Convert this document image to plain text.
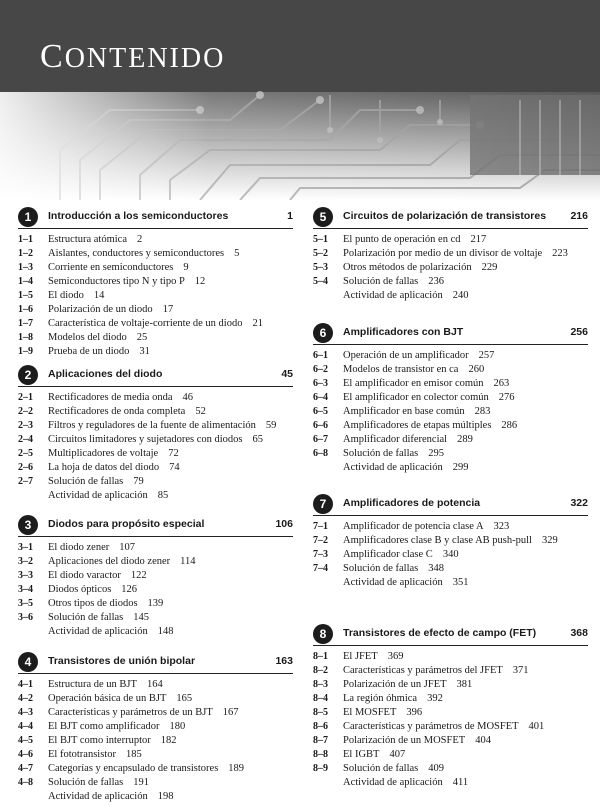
CONTENIDO
1	Introducción a los semiconductores	1
1–1 Estructura atómica 2
1–2 Aislantes, conductores y semiconductores 5
1–3 Corriente en semiconductores 9
1–4 Semiconductores tipo N y tipo P 12
1–5 El diodo 14
1–6 Polarización de un diodo 17
1–7 Característica de voltaje-corriente de un diodo 21
1–8 Modelos del diodo 25
1–9 Prueba de un diodo 31
2	Aplicaciones del diodo	45
2–1 Rectificadores de media onda 46
2–2 Rectificadores de onda completa 52
2–3 Filtros y reguladores de la fuente de alimentación 59
2–4 Circuitos limitadores y sujetadores con diodos 65
2–5 Multiplicadores de voltaje 72
2–6 La hoja de datos del diodo 74
2–7 Solución de fallas 79
Actividad de aplicación 85
3	Diodos para propósito especial	106
3–1 El diodo zener 107
3–2 Aplicaciones del diodo zener 114
3–3 El diodo varactor 122
3–4 Diodos ópticos 126
3–5 Otros tipos de diodos 139
3–6 Solución de fallas 145
Actividad de aplicación 148
4	Transistores de unión bipolar	163
4–1 Estructura de un BJT 164
4–2 Operación básica de un BJT 165
4–3 Características y parámetros de un BJT 167
4–4 El BJT como amplificador 180
4–5 El BJT como interruptor 182
4–6 El fototransistor 185
4–7 Categorías y encapsulado de transistores 189
4–8 Solución de fallas 191
Actividad de aplicación 198
5	Circuitos de polarización de transistores 216
5–1 El punto de operación en cd 217
5–2 Polarización por medio de un divisor de voltaje 223
5–3 Otros métodos de polarización 229
5–4 Solución de fallas 236
Actividad de aplicación 240
6	Amplificadores con BJT	256
6–1 Operación de un amplificador 257
6–2 Modelos de transistor en ca 260
6–3 El amplificador en emisor común 263
6–4 El amplificador en colector común 276
6–5 Amplificador en base común 283
6–6 Amplificadores de etapas múltiples 286
6–7 Amplificador diferencial 289
6–8 Solución de fallas 295
Actividad de aplicación 299
7	Amplificadores de potencia	322
7–1 Amplificador de potencia clase A 323
7–2 Amplificadores clase B y clase AB push-pull 329
7–3 Amplificador clase C 340
7–4 Solución de fallas 348
Actividad de aplicación 351
8	Transistores de efecto de campo (FET)	368
8–1 El JFET 369
8–2 Características y parámetros del JFET 371
8–3 Polarización de un JFET 381
8–4 La región óhmica 392
8–5 El MOSFET 396
8–6 Características y parámetros de MOSFET 401
8–7 Polarización de un MOSFET 404
8–8 El IGBT 407
8–9 Solución de fallas 409
Actividad de aplicación 411
